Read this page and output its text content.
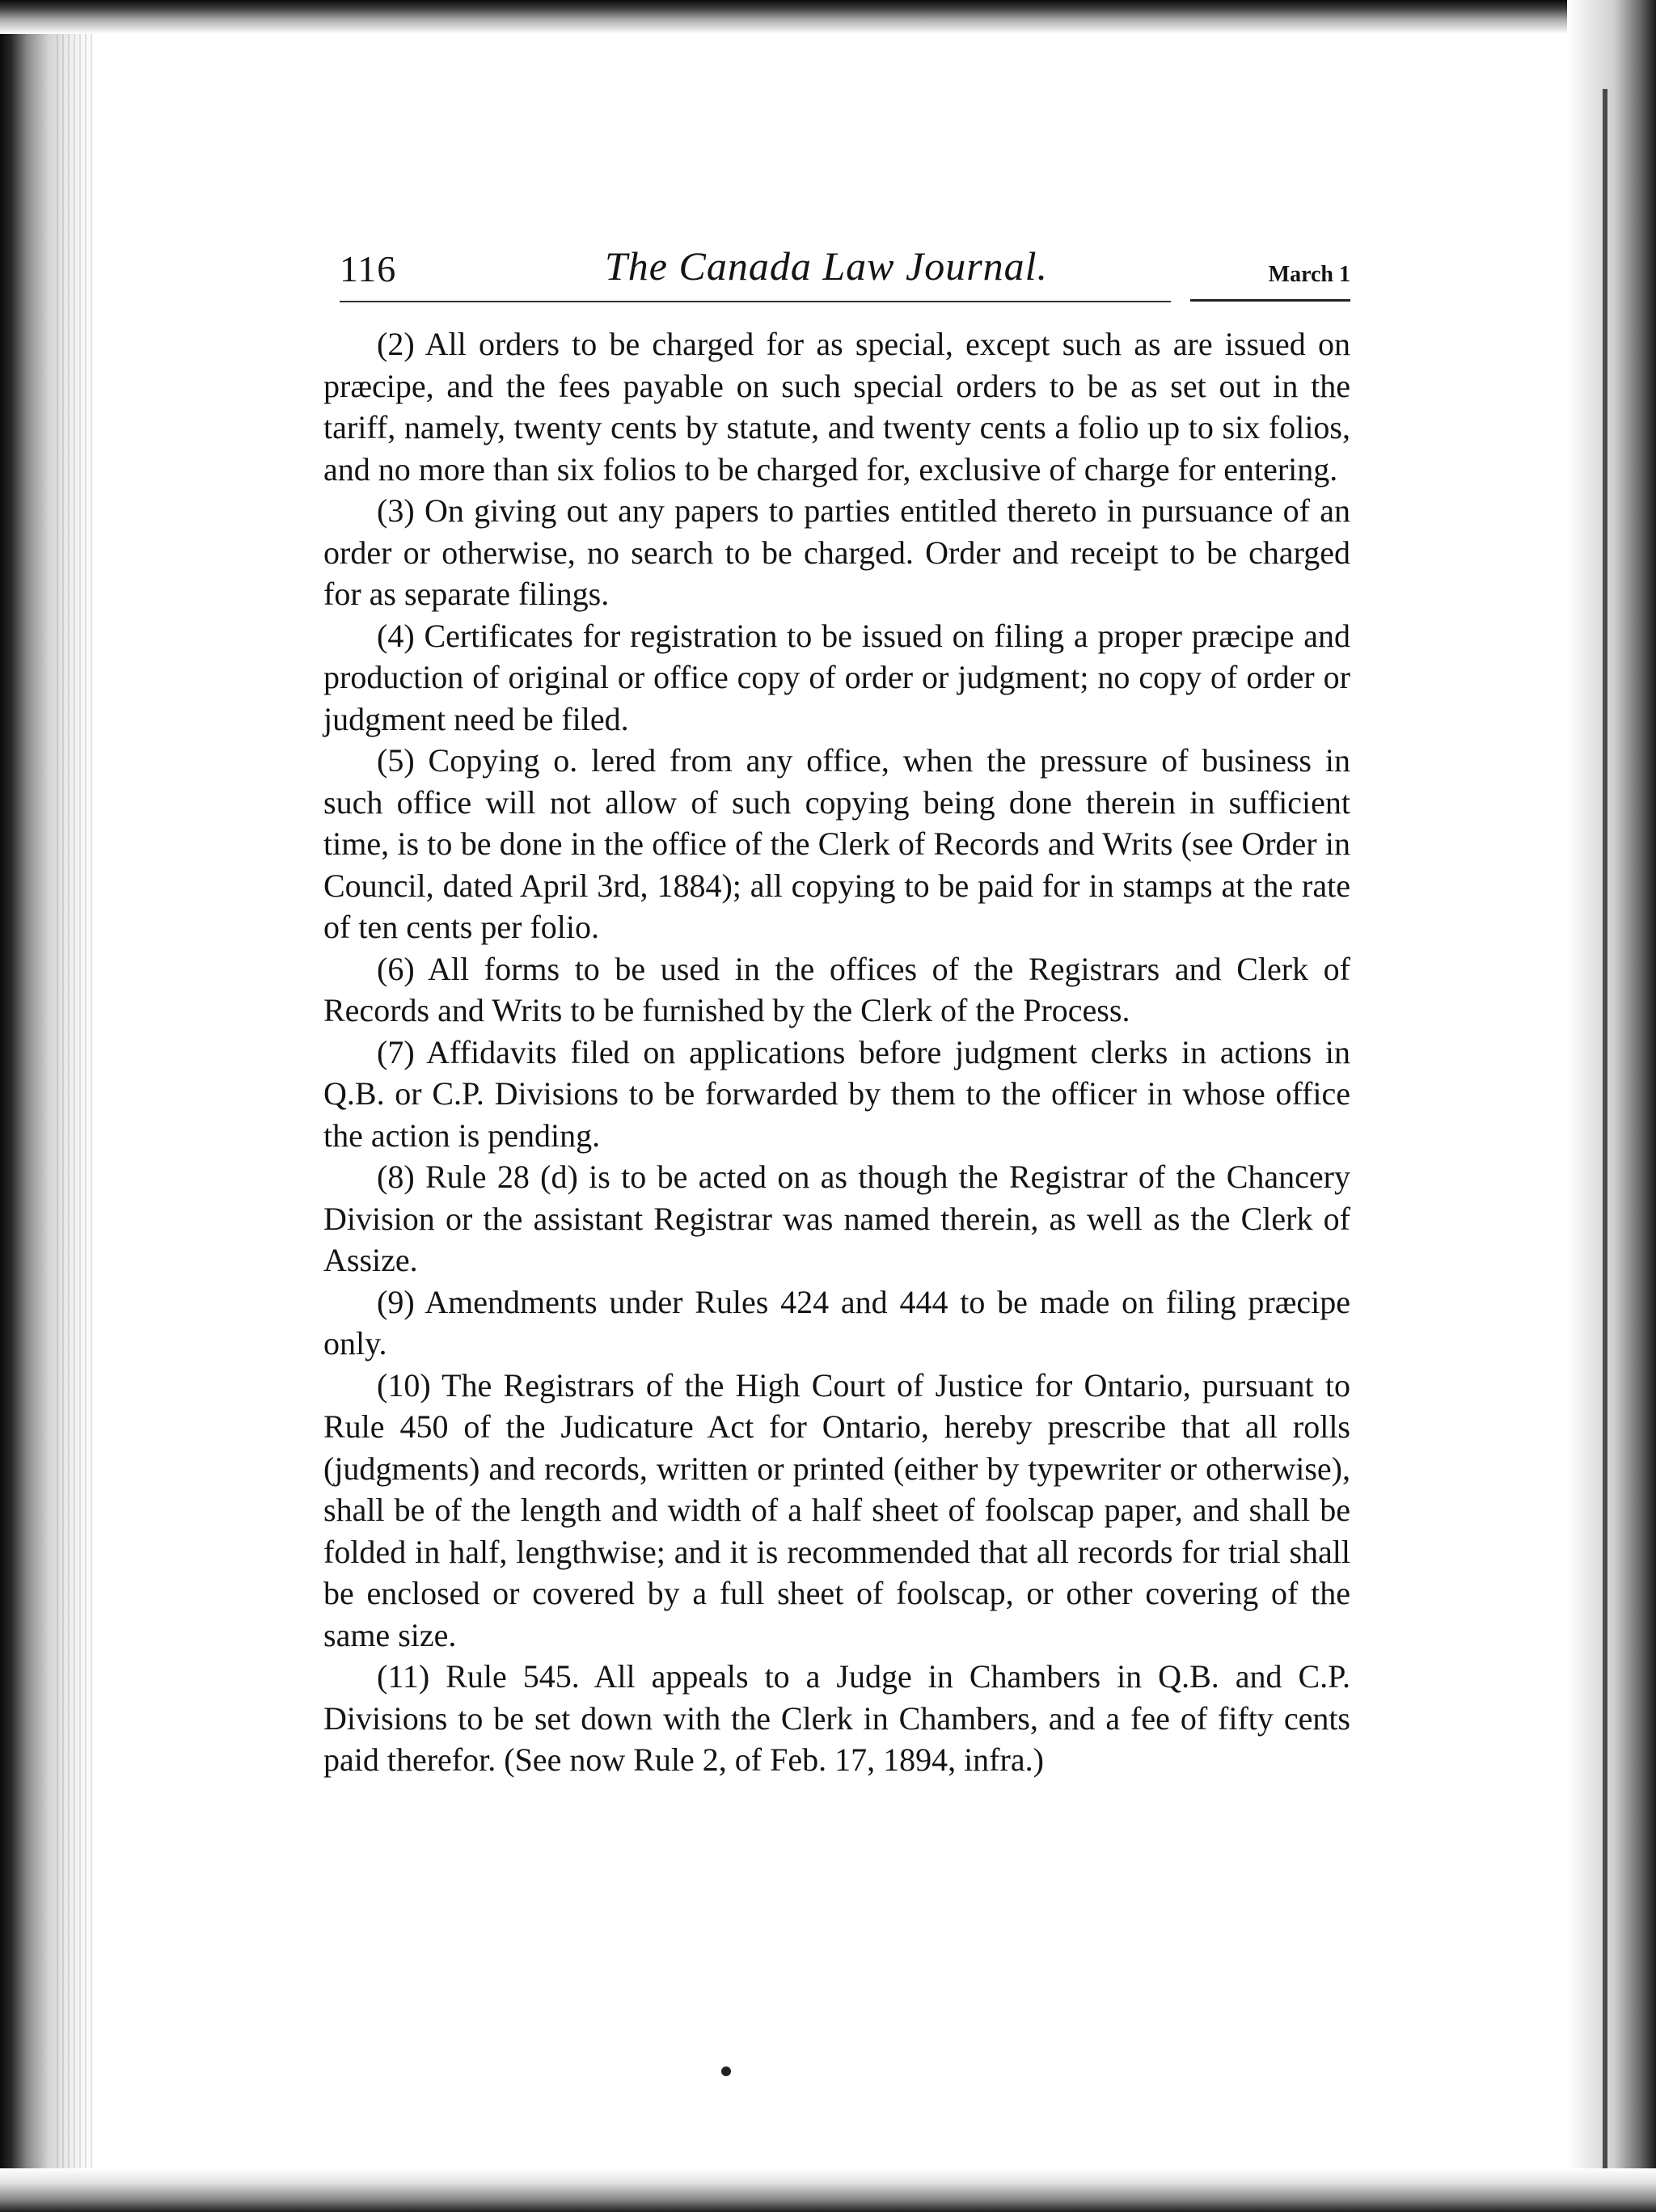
116	The Canada Law Journal.	March 1

(2) All orders to be charged for as special, except such as are issued on præcipe, and the fees payable on such special orders to be as set out in the tariff, namely, twenty cents by statute, and twenty cents a folio up to six folios, and no more than six folios to be charged for, exclusive of charge for entering.

(3) On giving out any papers to parties entitled thereto in pursuance of an order or otherwise, no search to be charged. Order and receipt to be charged for as separate filings.

(4) Certificates for registration to be issued on filing a proper præcipe and production of original or office copy of order or judgment; no copy of order or judgment need be filed.

(5) Copying o. lered from any office, when the pressure of business in such office will not allow of such copying being done therein in sufficient time, is to be done in the office of the Clerk of Records and Writs (see Order in Council, dated April 3rd, 1884); all copying to be paid for in stamps at the rate of ten cents per folio.

(6) All forms to be used in the offices of the Registrars and Clerk of Records and Writs to be furnished by the Clerk of the Process.

(7) Affidavits filed on applications before judgment clerks in actions in Q.B. or C.P. Divisions to be forwarded by them to the officer in whose office the action is pending.

(8) Rule 28 (d) is to be acted on as though the Registrar of the Chancery Division or the assistant Registrar was named therein, as well as the Clerk of Assize.

(9) Amendments under Rules 424 and 444 to be made on filing præcipe only.

(10) The Registrars of the High Court of Justice for Ontario, pursuant to Rule 450 of the Judicature Act for Ontario, hereby prescribe that all rolls (judgments) and records, written or printed (either by typewriter or otherwise), shall be of the length and width of a half sheet of foolscap paper, and shall be folded in half, lengthwise; and it is recommended that all records for trial shall be enclosed or covered by a full sheet of foolscap, or other covering of the same size.

(11) Rule 545. All appeals to a Judge in Chambers in Q.B. and C.P. Divisions to be set down with the Clerk in Chambers, and a fee of fifty cents paid therefor. (See now Rule 2, of Feb. 17, 1894, infra.)
